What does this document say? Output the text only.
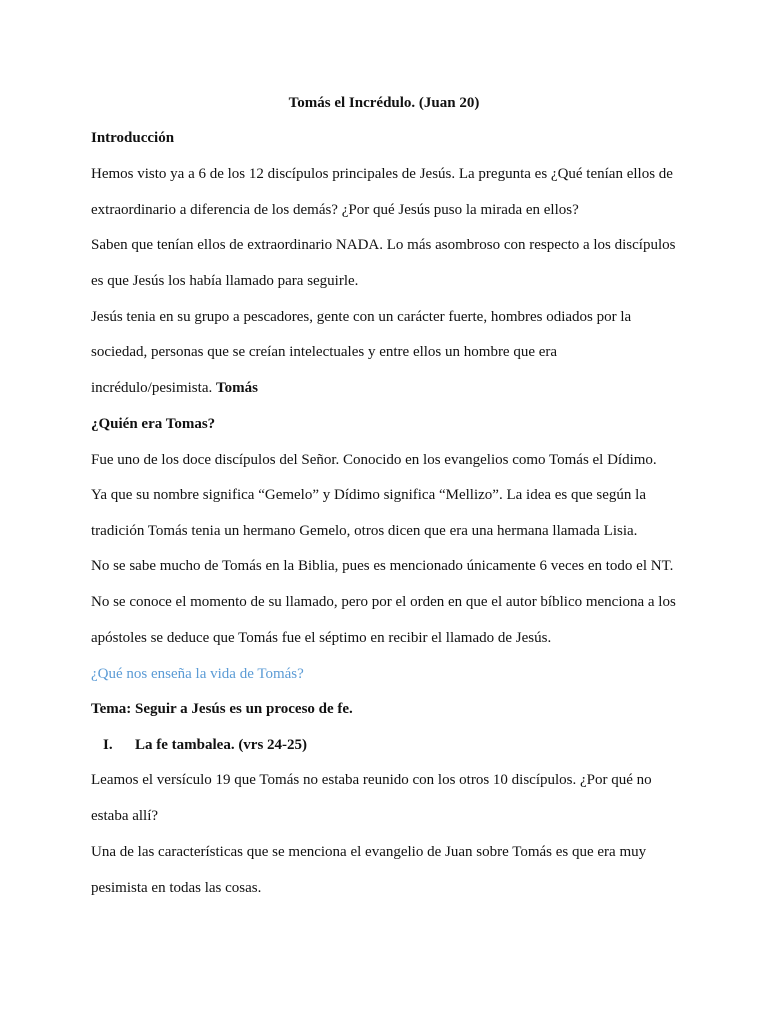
Tomás el Incrédulo. (Juan 20)
Introducción
Hemos visto ya a 6 de los 12 discípulos principales de Jesús. La pregunta es ¿Qué tenían ellos de
extraordinario a diferencia de los demás? ¿Por qué Jesús puso la mirada en ellos?
Saben que tenían ellos de extraordinario NADA. Lo más asombroso con respecto a los discípulos
es que Jesús los había llamado para seguirle.
Jesús tenia en su grupo a pescadores, gente con un carácter fuerte, hombres odiados por la
sociedad, personas que se creían intelectuales y entre ellos un hombre que era
incrédulo/pesimista. Tomás
¿Quién era Tomas?
Fue uno de los doce discípulos del Señor. Conocido en los evangelios como Tomás el Dídimo.
Ya que su nombre significa “Gemelo” y Dídimo significa “Mellizo”. La idea es que según la
tradición Tomás tenia un hermano Gemelo, otros dicen que era una hermana llamada Lisia.
No se sabe mucho de Tomás en la Biblia, pues es mencionado únicamente 6 veces en todo el NT.
No se conoce el momento de su llamado, pero por el orden en que el autor bíblico menciona a los
apóstoles se deduce que Tomás fue el séptimo en recibir el llamado de Jesús.
¿Qué nos enseña la vida de Tomás?
Tema: Seguir a Jesús es un proceso de fe.
I. La fe tambalea. (vrs 24-25)
Leamos el versículo 19 que Tomás no estaba reunido con los otros 10 discípulos. ¿Por qué no
estaba allí?
Una de las características que se menciona el evangelio de Juan sobre Tomás es que era muy
pesimista en todas las cosas.
